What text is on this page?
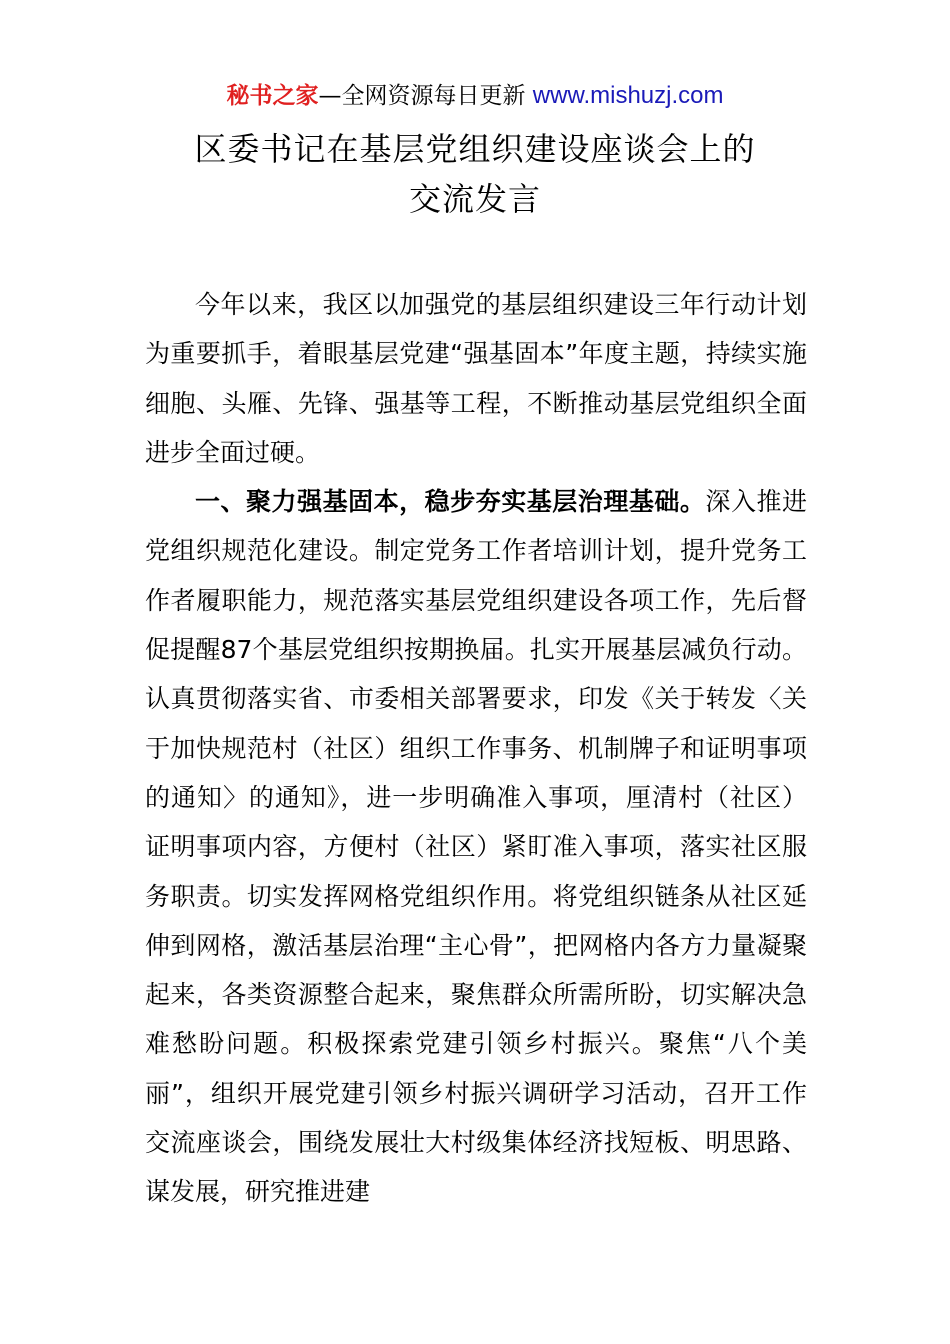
秘书之家—全网资源每日更新 www.mishuzj.com
区委书记在基层党组织建设座谈会上的
交流发言

今年以来，我区以加强党的基层组织建设三年行动计划为重要抓手，着眼基层党建“强基固本”年度主题，持续实施细胞、头雁、先锋、强基等工程，不断推动基层党组织全面进步全面过硬。

一、聚力强基固本，稳步夯实基层治理基础。深入推进党组织规范化建设。制定党务工作者培训计划，提升党务工作者履职能力，规范落实基层党组织建设各项工作，先后督促提醒87个基层党组织按期换届。扎实开展基层减负行动。认真贯彻落实省、市委相关部署要求，印发《关于转发〈关于加快规范村（社区）组织工作事务、机制牌子和证明事项的通知〉的通知》，进一步明确准入事项，厘清村（社区）证明事项内容，方便村（社区）紧盯准入事项，落实社区服务职责。切实发挥网格党组织作用。将党组织链条从社区延伸到网格，激活基层治理“主心骨”，把网格内各方力量凝聚起来，各类资源整合起来，聚焦群众所需所盼，切实解决急难愁盼问题。积极探索党建引领乡村振兴。聚焦“八个美丽”，组织开展党建引领乡村振兴调研学习活动，召开工作交流座谈会，围绕发展壮大村级集体经济找短板、明思路、谋发展，研究推进建
